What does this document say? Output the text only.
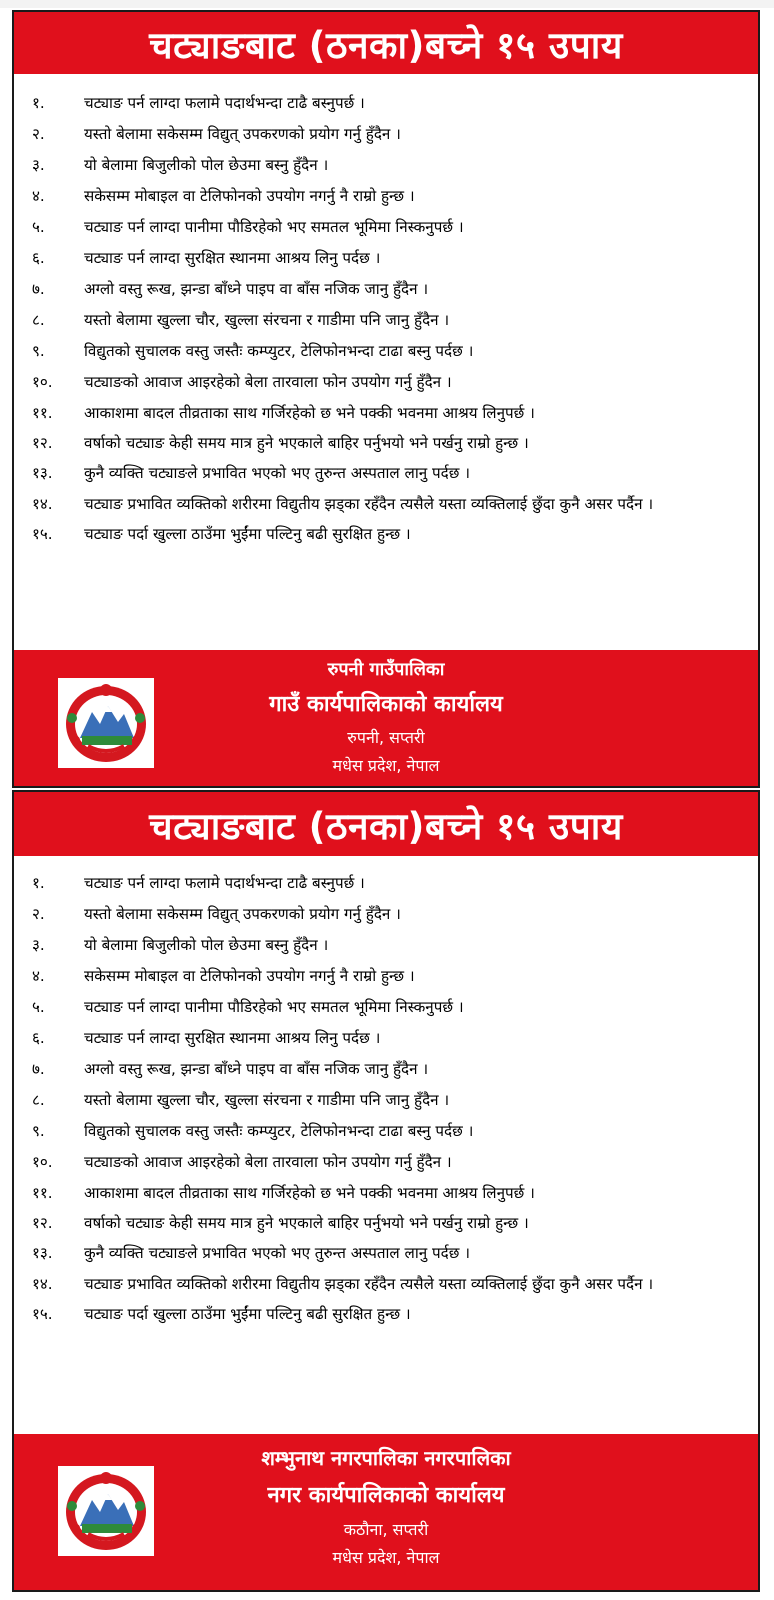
चट्याङबाट (ठनका)बच्ने १५ उपाय
१.	चट्याङ पर्न लाग्दा फलामे पदार्थभन्दा टाढै बस्नुपर्छ ।
२.	यस्तो बेलामा सकेसम्म विद्युत् उपकरणको प्रयोग गर्नु हुँदैन ।
३.	यो बेलामा बिजुलीको पोल छेउमा बस्नु हुँदैन ।
४.	सकेसम्म मोबाइल वा टेलिफोनको उपयोग नगर्नु नै राम्रो हुन्छ ।
५.	चट्याङ पर्न लाग्दा पानीमा पौडिरहेको भए समतल भूमिमा निस्कनुपर्छ ।
६.	चट्याङ पर्न लाग्दा सुरक्षित स्थानमा आश्रय लिनु पर्दछ ।
७.	अग्लो वस्तु रूख, झन्डा बाँध्ने पाइप वा बाँस नजिक जानु हुँदैन ।
८.	यस्तो बेलामा खुल्ला चौर, खुल्ला संरचना र गाडीमा पनि जानु हुँदैन ।
९.	विद्युतको सुचालक वस्तु जस्तैः कम्प्युटर, टेलिफोनभन्दा टाढा बस्नु पर्दछ ।
१०.	चट्याङको आवाज आइरहेको बेला तारवाला फोन उपयोग गर्नु हुँदैन ।
११.	आकाशमा बादल तीव्रताका साथ गर्जिरहेको छ भने पक्की भवनमा आश्रय लिनुपर्छ ।
१२.	वर्षाको चट्याङ केही समय मात्र हुने भएकाले बाहिर पर्नुभयो भने पर्खनु राम्रो हुन्छ ।
१३.	कुनै व्यक्ति चट्याङले प्रभावित भएको भए तुरुन्त अस्पताल लानु पर्दछ ।
१४.	चट्याङ प्रभावित व्यक्तिको शरीरमा विद्युतीय झड्का रहँदैन त्यसैले यस्ता व्यक्तिलाई छुँदा कुनै असर पर्दैन ।
१५.	चट्याङ पर्दा खुल्ला ठाउँमा भुईंमा पल्टिनु बढी सुरक्षित हुन्छ ।
रुपनी गाउँपालिका
गाउँ कार्यपालिकाको कार्यालय
रुपनी, सप्तरी
मधेस प्रदेश, नेपाल
चट्याङबाट (ठनका)बच्ने १५ उपाय
१.	चट्याङ पर्न लाग्दा फलामे पदार्थभन्दा टाढै बस्नुपर्छ ।
२.	यस्तो बेलामा सकेसम्म विद्युत् उपकरणको प्रयोग गर्नु हुँदैन ।
३.	यो बेलामा बिजुलीको पोल छेउमा बस्नु हुँदैन ।
४.	सकेसम्म मोबाइल वा टेलिफोनको उपयोग नगर्नु नै राम्रो हुन्छ ।
५.	चट्याङ पर्न लाग्दा पानीमा पौडिरहेको भए समतल भूमिमा निस्कनुपर्छ ।
६.	चट्याङ पर्न लाग्दा सुरक्षित स्थानमा आश्रय लिनु पर्दछ ।
७.	अग्लो वस्तु रूख, झन्डा बाँध्ने पाइप वा बाँस नजिक जानु हुँदैन ।
८.	यस्तो बेलामा खुल्ला चौर, खुल्ला संरचना र गाडीमा पनि जानु हुँदैन ।
९.	विद्युतको सुचालक वस्तु जस्तैः कम्प्युटर, टेलिफोनभन्दा टाढा बस्नु पर्दछ ।
१०.	चट्याङको आवाज आइरहेको बेला तारवाला फोन उपयोग गर्नु हुँदैन ।
११.	आकाशमा बादल तीव्रताका साथ गर्जिरहेको छ भने पक्की भवनमा आश्रय लिनुपर्छ ।
१२.	वर्षाको चट्याङ केही समय मात्र हुने भएकाले बाहिर पर्नुभयो भने पर्खनु राम्रो हुन्छ ।
१३.	कुनै व्यक्ति चट्याङले प्रभावित भएको भए तुरुन्त अस्पताल लानु पर्दछ ।
१४.	चट्याङ प्रभावित व्यक्तिको शरीरमा विद्युतीय झड्का रहँदैन त्यसैले यस्ता व्यक्तिलाई छुँदा कुनै असर पर्दैन ।
१५.	चट्याङ पर्दा खुल्ला ठाउँमा भुईंमा पल्टिनु बढी सुरक्षित हुन्छ ।
शम्भुनाथ नगरपालिका नगरपालिका
नगर कार्यपालिकाको कार्यालय
कठौना, सप्तरी
मधेस प्रदेश, नेपाल
